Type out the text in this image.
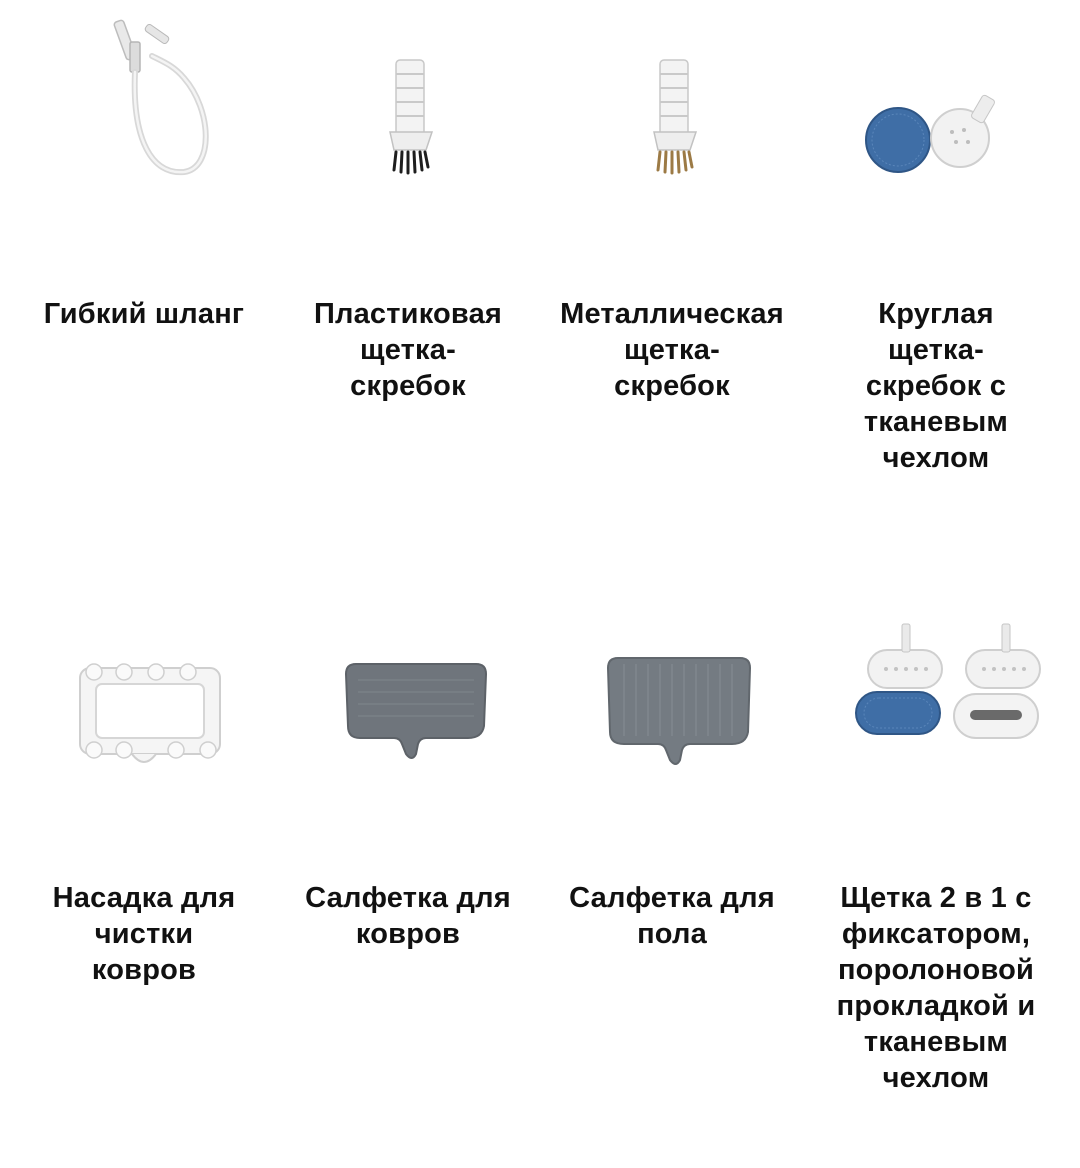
Гибкий шланг	Пластиковая
щетка-
скребок
Металлическая
щетка-
скребок
Круглая
щетка-
скребок с
тканевым
чехлом
Насадка для
чистки
ковров
Салфетка для
ковров
Салфетка для
пола
Щетка 2 в 1 с
фиксатором,
поролоновой
прокладкой и
тканевым
чехлом
